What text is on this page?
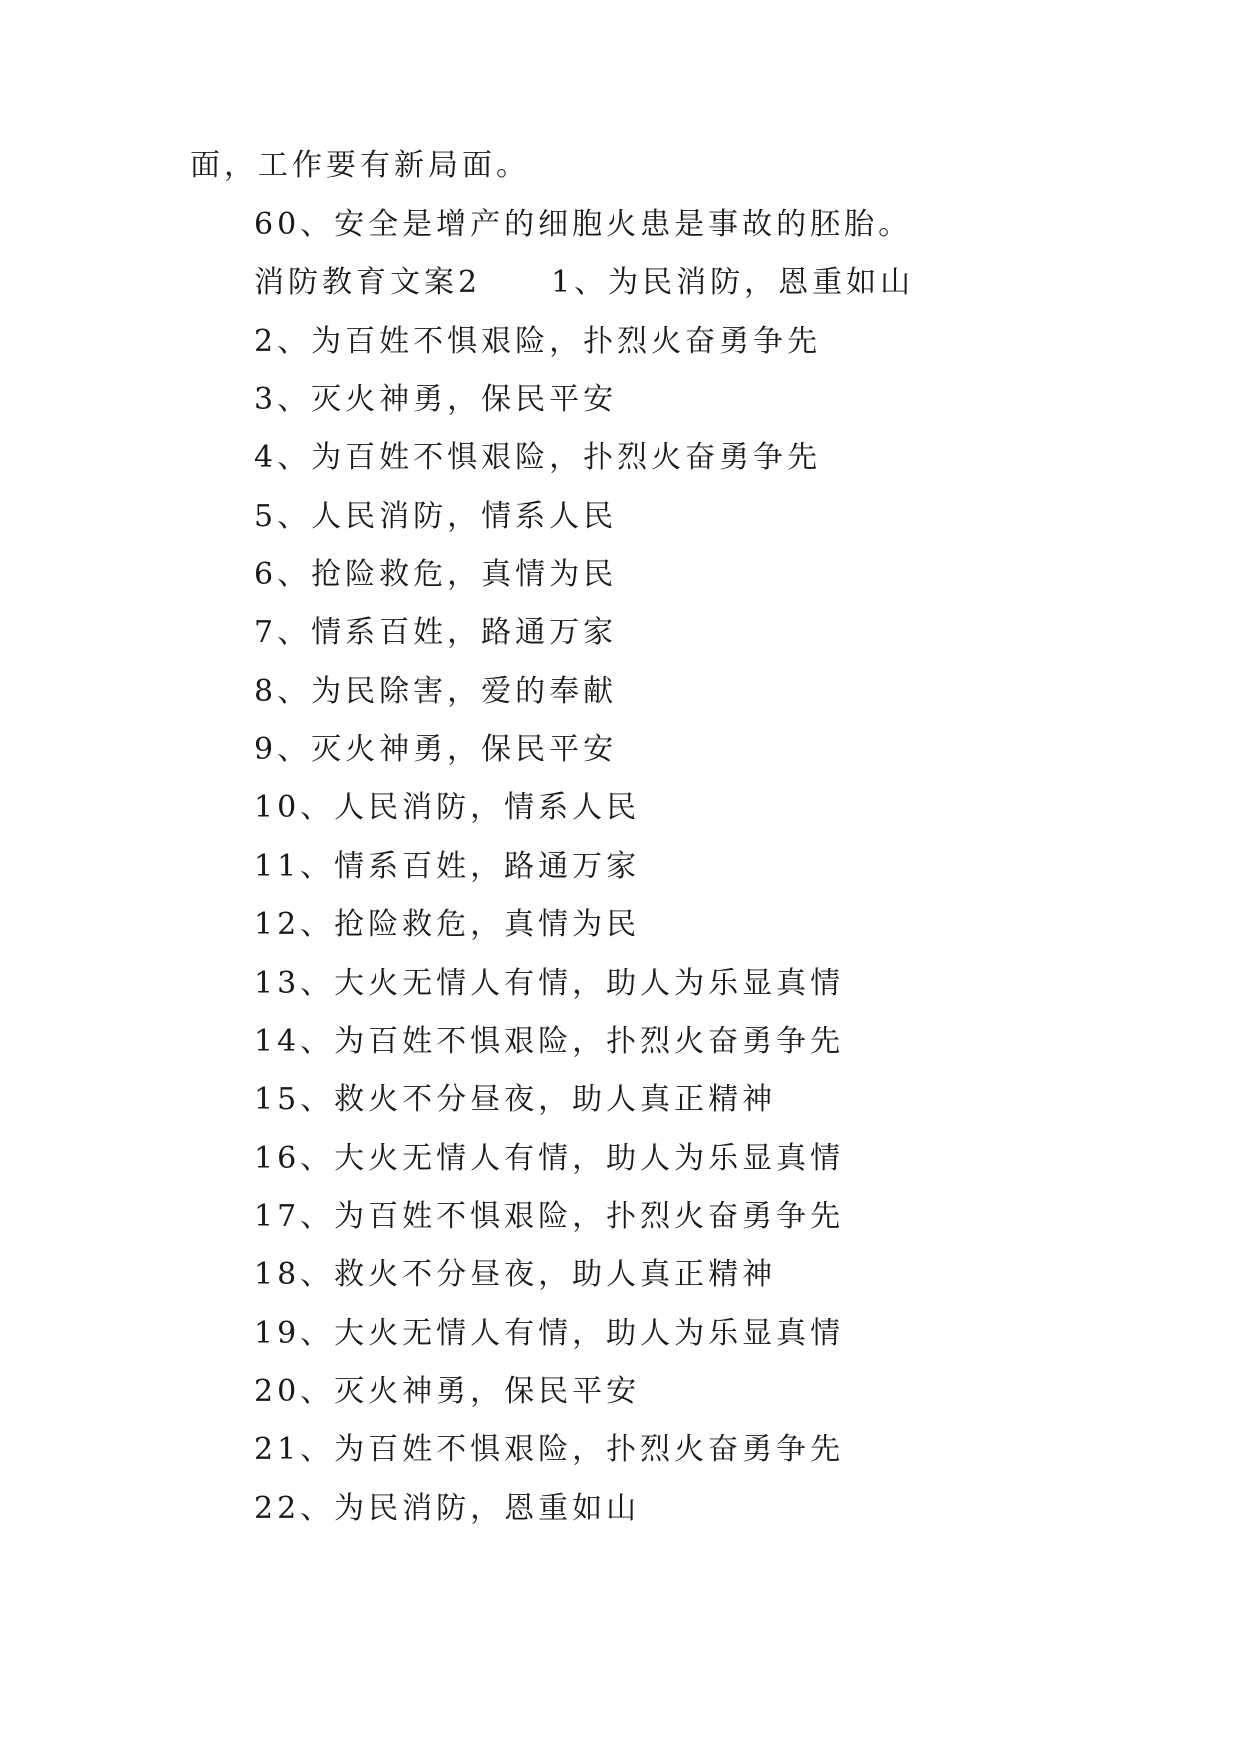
面，工作要有新局面。
60、安全是增产的细胞火患是事故的胚胎。
消防教育文案2 1、为民消防，恩重如山
2、为百姓不惧艰险，扑烈火奋勇争先
3、灭火神勇，保民平安
4、为百姓不惧艰险，扑烈火奋勇争先
5、人民消防，情系人民
6、抢险救危，真情为民
7、情系百姓，路通万家
8、为民除害，爱的奉献
9、灭火神勇，保民平安
10、人民消防，情系人民
11、情系百姓，路通万家
12、抢险救危，真情为民
13、大火无情人有情，助人为乐显真情
14、为百姓不惧艰险，扑烈火奋勇争先
15、救火不分昼夜，助人真正精神
16、大火无情人有情，助人为乐显真情
17、为百姓不惧艰险，扑烈火奋勇争先
18、救火不分昼夜，助人真正精神
19、大火无情人有情，助人为乐显真情
20、灭火神勇，保民平安
21、为百姓不惧艰险，扑烈火奋勇争先
22、为民消防，恩重如山
